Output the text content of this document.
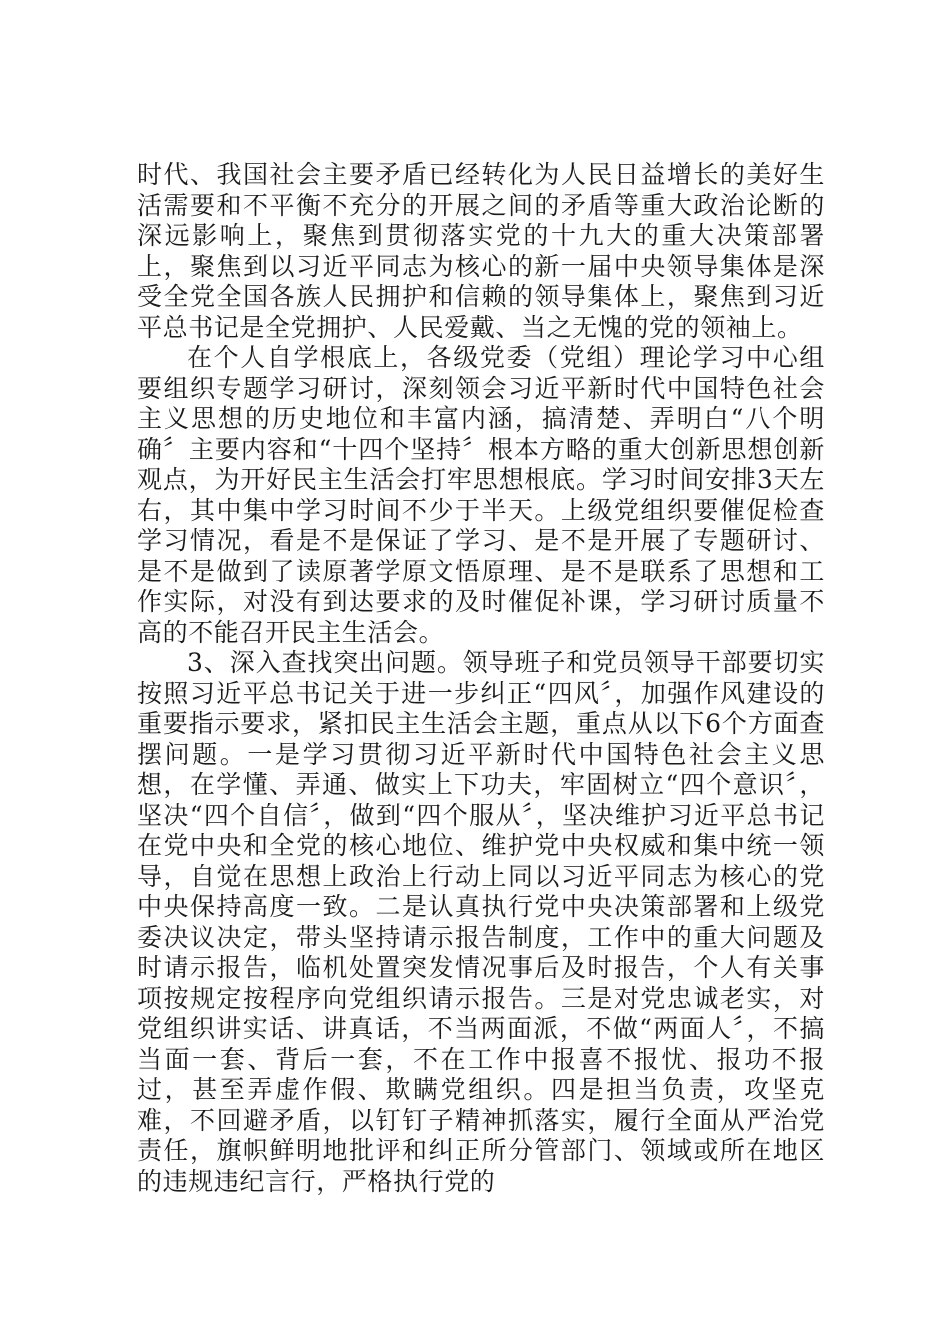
时代、我国社会主要矛盾已经转化为人民日益增长的美好生活需要和不平衡不充分的开展之间的矛盾等重大政治论断的深远影响上，聚焦到贯彻落实党的十九大的重大决策部署上，聚焦到以习近平同志为核心的新一届中央领导集体是深受全党全国各族人民拥护和信赖的领导集体上，聚焦到习近平总书记是全党拥护、人民爱戴、当之无愧的党的领袖上。

在个人自学根底上，各级党委（党组）理论学习中心组要组织专题学习研讨，深刻领会习近平新时代中国特色社会主义思想的历史地位和丰富内涵，搞清楚、弄明白“八个明确〞主要内容和“十四个坚持〞根本方略的重大创新思想创新观点，为开好民主生活会打牢思想根底。学习时间安排3天左右，其中集中学习时间不少于半天。上级党组织要催促检查学习情况，看是不是保证了学习、是不是开展了专题研讨、是不是做到了读原著学原文悟原理、是不是联系了思想和工作实际，对没有到达要求的及时催促补课，学习研讨质量不高的不能召开民主生活会。

3、深入查找突出问题。领导班子和党员领导干部要切实按照习近平总书记关于进一步纠正“四风〞，加强作风建设的重要指示要求，紧扣民主生活会主题，重点从以下6个方面查摆问题。一是学习贯彻习近平新时代中国特色社会主义思想，在学懂、弄通、做实上下功夫，牢固树立“四个意识〞，坚决“四个自信〞，做到“四个服从〞，坚决维护习近平总书记在党中央和全党的核心地位、维护党中央权威和集中统一领导，自觉在思想上政治上行动上同以习近平同志为核心的党中央保持高度一致。二是认真执行党中央决策部署和上级党委决议决定，带头坚持请示报告制度，工作中的重大问题及时请示报告，临机处置突发情况事后及时报告，个人有关事项按规定按程序向党组织请示报告。三是对党忠诚老实，对党组织讲实话、讲真话，不当两面派，不做“两面人〞，不搞当面一套、背后一套，不在工作中报喜不报忧、报功不报过，甚至弄虚作假、欺瞒党组织。四是担当负责，攻坚克难，不回避矛盾，以钉钉子精神抓落实，履行全面从严治党责任，旗帜鲜明地批评和纠正所分管部门、领域或所在地区的违规违纪言行，严格执行党的
